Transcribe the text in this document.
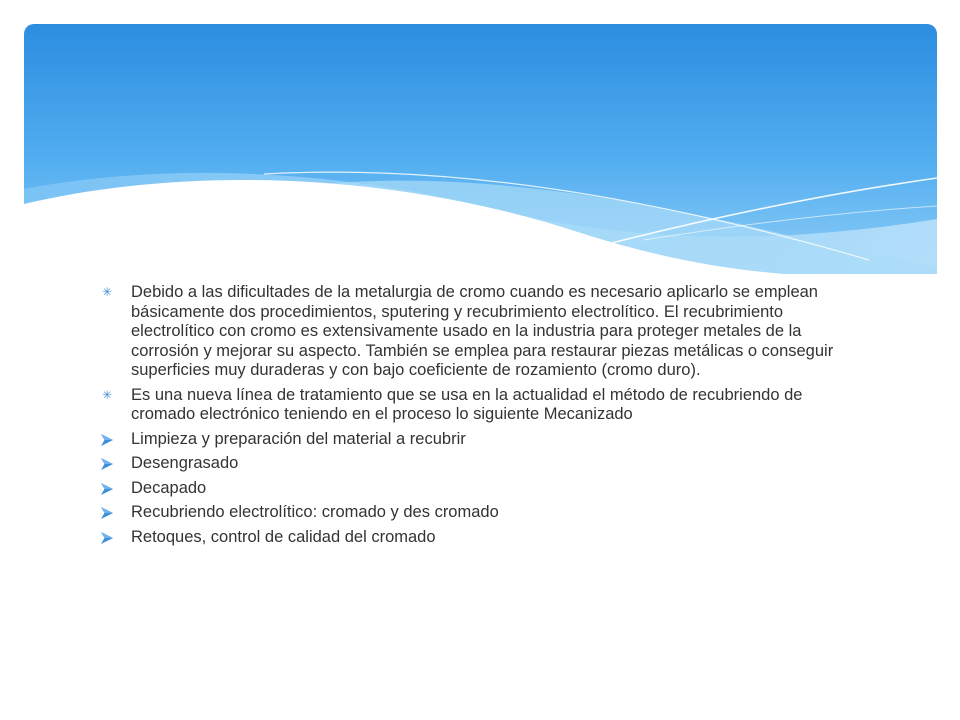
✳ Debido a las dificultades de la metalurgia de cromo cuando es necesario aplicarlo se emplean básicamente dos procedimientos, sputering y recubrimiento electrolítico. El recubrimiento electrolítico con cromo es extensivamente usado en la industria para proteger metales de la corrosión y mejorar su aspecto. También se emplea para restaurar piezas metálicas o conseguir superficies muy duraderas y con bajo coeficiente de rozamiento (cromo duro).
✳ Es una nueva línea de tratamiento que se usa en la actualidad el método de recubriendo de cromado electrónico teniendo en el proceso lo siguiente Mecanizado
Limpieza y preparación del material a recubrir
Desengrasado
Decapado
Recubriendo electrolítico: cromado y des cromado
Retoques, control de calidad del cromado
